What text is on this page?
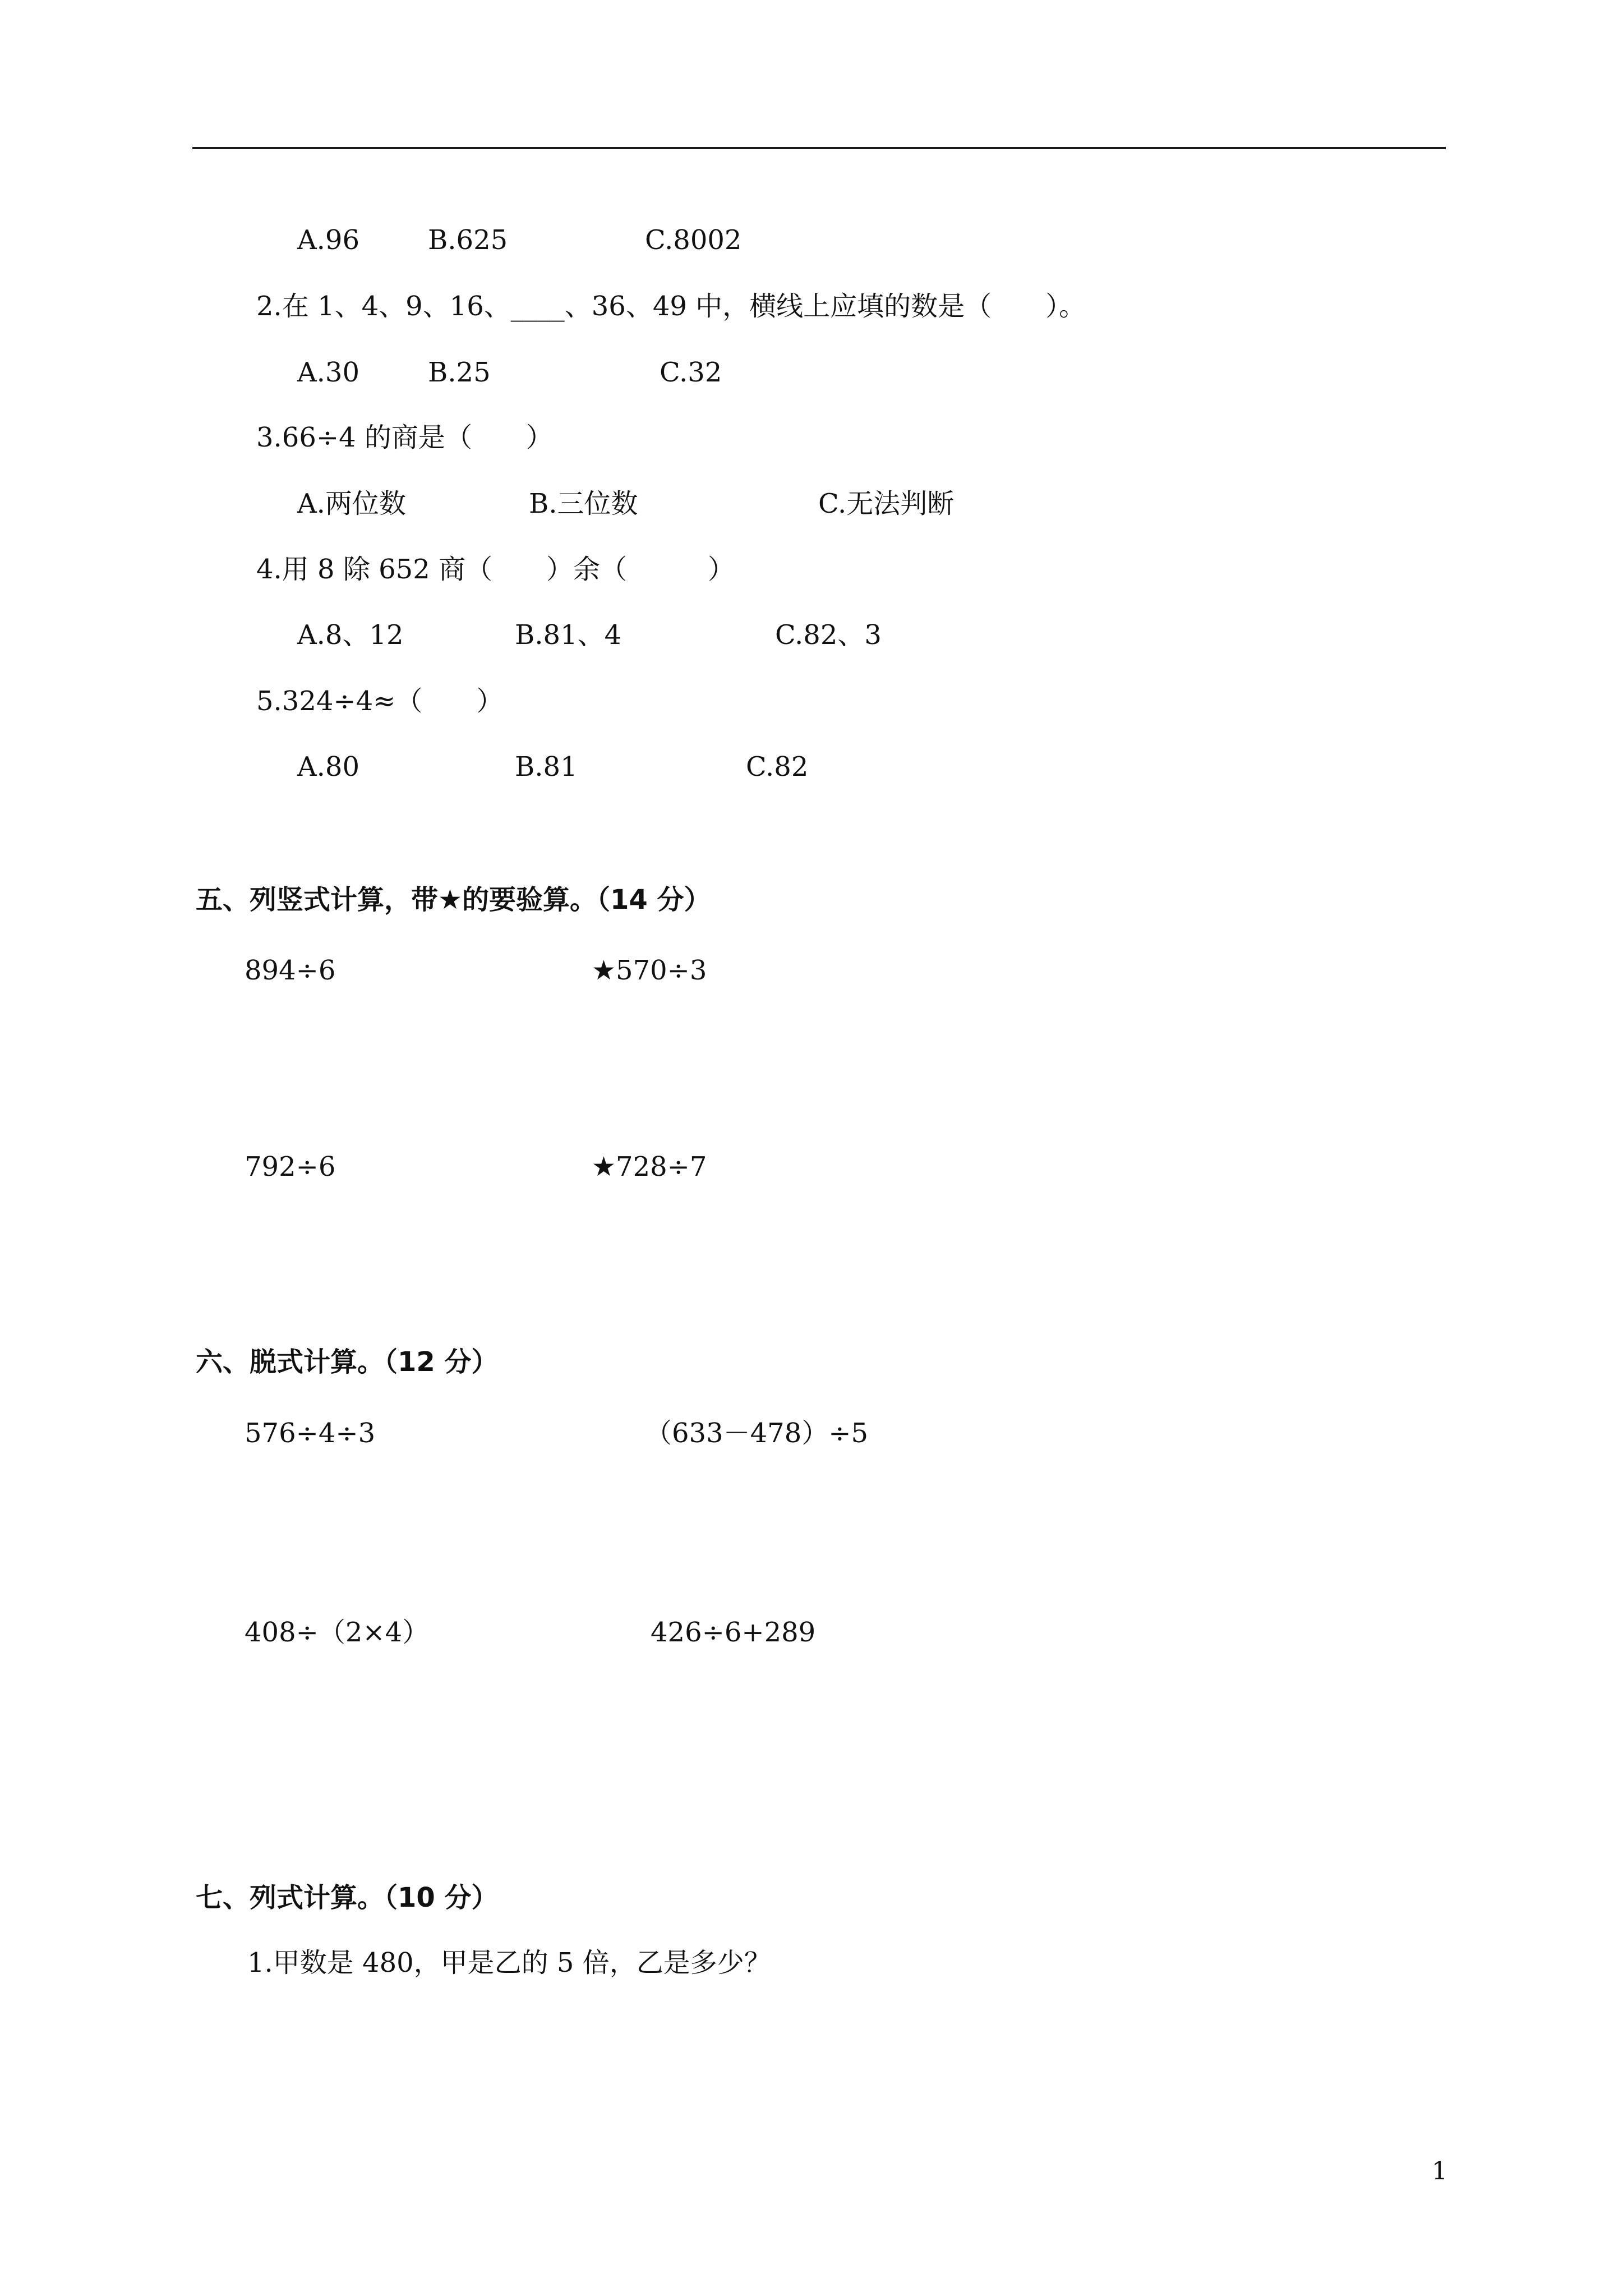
A.96	B.625	C.8002
2.在 1、4、9、16、____、36、49 中，横线上应填的数是（　　）。
A.30	B.25	C.32
3.66÷4 的商是（　　）
A.两位数	B.三位数	C.无法判断
4.用 8 除 652 商（　　）余（　　　）
A.8、12	B.81、4	C.82、3
5.324÷4≈（　　）
A.80	B.81	C.82
五、列竖式计算，带★的要验算。（14 分）
894÷6	★570÷3
792÷6	★728÷7
六、脱式计算。（12 分）
576÷4÷3	（633－478）÷5
408÷（2×4）	426÷6+289
七、列式计算。（10 分）
1.甲数是 480，甲是乙的 5 倍，乙是多少？
1
